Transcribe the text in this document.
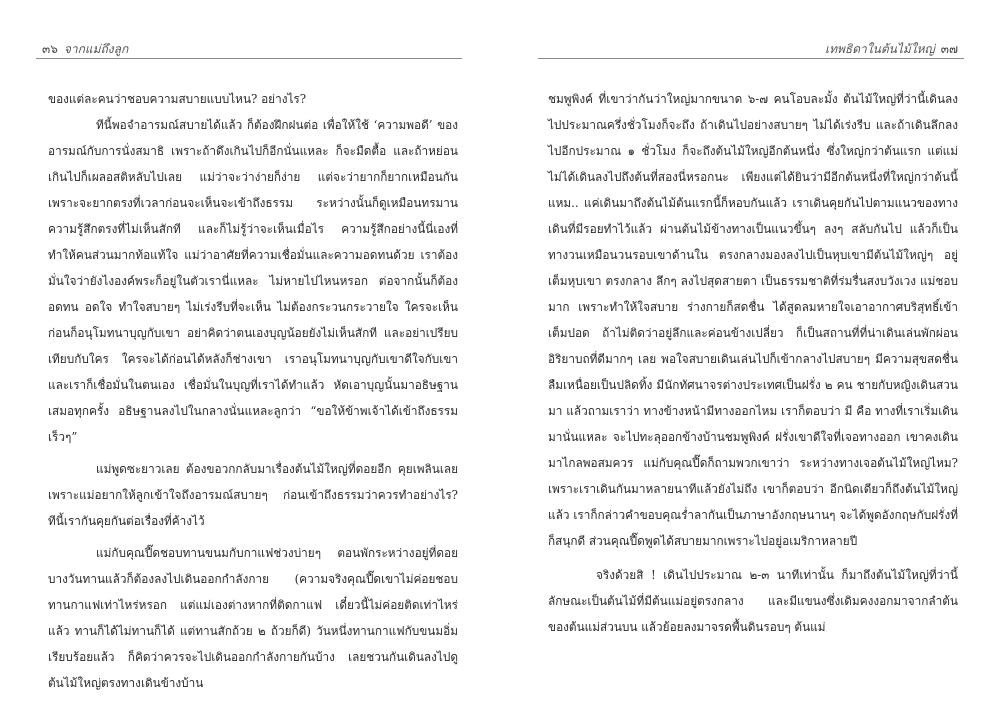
๓๖ จากแม่ถึงลูก

ของแต่ละคนว่าชอบความสบายแบบไหน? อย่างไร?

ทีนี้พอจำอารมณ์สบายได้แล้ว ก็ต้องฝึกฝนต่อ เพื่อให้ใช้ ‘ความพอดี’ ของอารมณ์กับการนั่งสมาธิ เพราะถ้าดึงเกินไปก็อีกนั่นแหละ ก็จะมืดตื้อ และถ้าหย่อนเกินไปก็เผลอสติหลับไปเลย แม่ว่าจะว่าง่ายก็ง่าย แต่จะว่ายากก็ยากเหมือนกัน เพราะจะยากตรงที่เวลาก่อนจะเห็นจะเข้าถึงธรรม ระหว่างนั้นก็ดูเหมือนทรมานความรู้สึกตรงที่ไม่เห็นสักที และก็ไม่รู้ว่าจะเห็นเมื่อไร ความรู้สึกอย่างนี้นี่เองที่ทำให้คนส่วนมากท้อแท้ใจ แม่ว่าอาศัยที่ความเชื่อมั่นและความอดทนด้วย เราต้องมั่นใจว่ายังไงองค์พระก็อยู่ในตัวเรานี่แหละ ไม่หายไปไหนหรอก ต่อจากนั้นก็ต้องอดทน อดใจ ทำใจสบายๆ ไม่เร่งรีบที่จะเห็น ไม่ต้องกระวนกระวายใจ ใครจะเห็นก่อนก็อนุโมทนาบุญกับเขา อย่าคิดว่าตนเองบุญน้อยยังไม่เห็นสักที และอย่าเปรียบเทียบกับใคร ใครจะได้ก่อนได้หลังก็ช่างเขา เราอนุโมทนาบุญกับเขาดีใจกับเขา และเราก็เชื่อมั่นในตนเอง เชื่อมั่นในบุญที่เราได้ทำแล้ว หัดเอาบุญนั้นมาอธิษฐานเสมอทุกครั้ง อธิษฐานลงไปในกลางนั่นแหละลูกว่า “ขอให้ข้าพเจ้าได้เข้าถึงธรรมเร็วๆ”

แม่พูดซะยาวเลย ต้องขอวกกลับมาเรื่องต้นไม้ใหญ่ที่ดอยอีก คุยเพลินเลย เพราะแม่อยากให้ลูกเข้าใจถึงอารมณ์สบายๆ ก่อนเข้าถึงธรรมว่าควรทำอย่างไร? ทีนี้เรากันคุยกันต่อเรื่องที่ค้างไว้

แม่กับคุณปี๊ดชอบทานขนมกับกาแฟช่วงบ่ายๆ ตอนพักระหว่างอยู่ที่ดอย บางวันทานแล้วก็ต้องลงไปเดินออกกำลังกาย (ความจริงคุณปี๊ดเขาไม่ค่อยชอบทานกาแฟเท่าไหร่หรอก แต่แม่เองต่างหากที่ติดกาแฟ เดี๋ยวนี้ไม่ค่อยติดเท่าไหร่แล้ว ทานก็ได้ไม่ทานก็ได้ แต่ทานสักถ้วย ๒ ถ้วยก็ดี) วันหนึ่งทานกาแฟกับขนมอิ่มเรียบร้อยแล้ว ก็คิดว่าควรจะไปเดินออกกำลังกายกันบ้าง เลยชวนกันเดินลงไปดูต้นไม้ใหญ่ตรงทางเดินข้างบ้าน

เทพธิดาในต้นไม้ใหญ่ ๓๗

ชมพูพิงค์ ที่เขาว่ากันว่าใหญ่มากขนาด ๖-๗ คนโอบละมั้ง ต้นไม้ใหญ่ที่ว่านี้เดินลงไปประมาณครึ่งชั่วโมงก็จะถึง ถ้าเดินไปอย่างสบายๆ ไม่ได้เร่งรีบ และถ้าเดินลึกลงไปอีกประมาณ ๑ ชั่วโมง ก็จะถึงต้นไม้ใหญ่อีกต้นหนึ่ง ซึ่งใหญ่กว่าต้นแรก แต่แม่ไม่ได้เดินลงไปถึงต้นที่สองนี่หรอกนะ เพียงแต่ได้ยินว่ามีอีกต้นหนึ่งที่ใหญ่กว่าต้นนี้ แหม.. แค่เดินมาถึงต้นไม้ต้นแรกนี้ก็หอบกันแล้ว เราเดินคุยกันไปตามแนวของทางเดินที่มีรอยทำไว้แล้ว ผ่านต้นไม้ข้างทางเป็นแนวขึ้นๆ ลงๆ สลับกันไป แล้วก็เป็นทางวนเหมือนวนรอบเขาด้านใน ตรงกลางมองลงไปเป็นหุบเขามีต้นไม้ใหญ่ๆ อยู่เต็มหุบเขา ตรงกลาง ลึกๆ ลงไปสุดสายตา เป็นธรรมชาติที่ร่มรื่นสงบวังเวง แม่ชอบมาก เพราะทำให้ใจสบาย ร่างกายก็สดชื่น ได้สูดลมหายใจเอาอากาศบริสุทธิ์เข้าเต็มปอด ถ้าไม่ติดว่าอยู่ลึกและค่อนข้างเปลี่ยว ก็เป็นสถานที่ที่น่าเดินเล่นพักผ่อนอิริยาบถที่ดีมากๆ เลย พอใจสบายเดินเล่นไปก็เข้ากลางไปสบายๆ มีความสุขสดชื่นลืมเหนื่อยเป็นปลิดทิ้ง มีนักทัศนาจรต่างประเทศเป็นฝรั่ง ๒ คน ชายกับหญิงเดินสวนมา แล้วถามเราว่า ทางข้างหน้ามีทางออกไหม เราก็ตอบว่า มี คือ ทางที่เราเริ่มเดินมานั่นแหละ จะไปทะลุออกข้างบ้านชมพูพิงค์ ฝรั่งเขาดีใจที่เจอทางออก เขาคงเดินมาไกลพอสมควร แม่กับคุณปี๊ดก็ถามพวกเขาว่า ระหว่างทางเจอต้นไม้ใหญ่ไหม? เพราะเราเดินกันมาหลายนาทีแล้วยังไม่ถึง เขาก็ตอบว่า อีกนิดเดียวก็ถึงต้นไม้ใหญ่แล้ว เราก็กล่าวคำขอบคุณร่ำลากันเป็นภาษาอังกฤษนานๆ จะได้พูดอังกฤษกับฝรั่งที่ก็สนุกดี ส่วนคุณปี๊ดพูดได้สบายมากเพราะไปอยู่อเมริกาหลายปี

จริงด้วยสิ ! เดินไปประมาณ ๒-๓ นาทีเท่านั้น ก็มาถึงต้นไม้ใหญ่ที่ว่านี้ ลักษณะเป็นต้นไม้ที่มีต้นแม่อยู่ตรงกลาง และมีแขนงซึ่งเดิมคงงอกมาจากลำต้นของต้นแม่ส่วนบน แล้วย้อยลงมาจรดพื้นดินรอบๆ ต้นแม่
